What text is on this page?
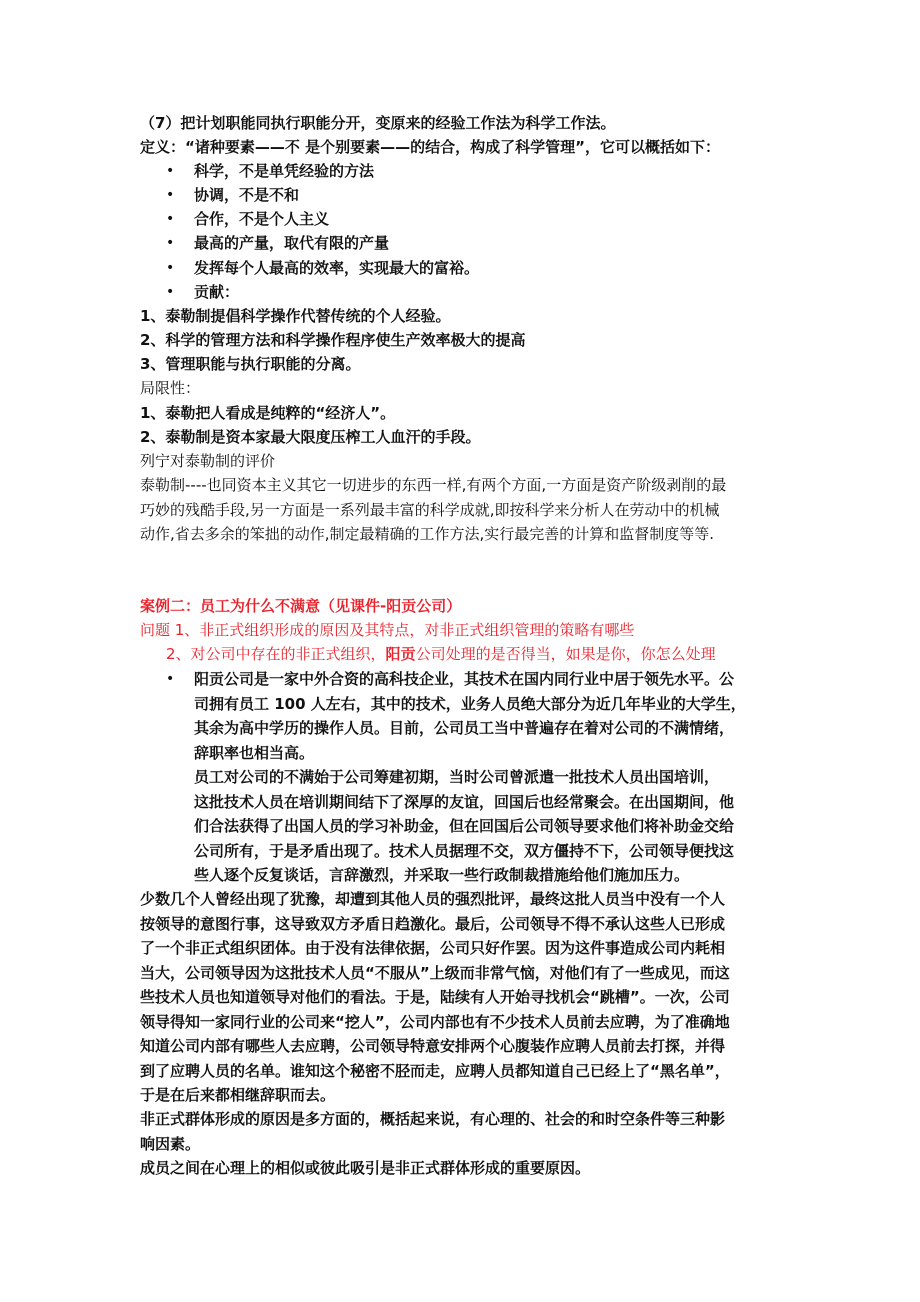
（7）把计划职能同执行职能分开，变原来的经验工作法为科学工作法。
定义：“诸种要素——不 是个别要素——的结合，构成了科学管理”，它可以概括如下：
• 科学，不是单凭经验的方法
• 协调，不是不和
• 合作，不是个人主义
• 最高的产量，取代有限的产量
• 发挥每个人最高的效率，实现最大的富裕。
• 贡献：
1、泰勒制提倡科学操作代替传统的个人经验。
2、科学的管理方法和科学操作程序使生产效率极大的提高
3、管理职能与执行职能的分离。
局限性：
1、泰勒把人看成是纯粹的“经济人”。
2、泰勒制是资本家最大限度压榨工人血汗的手段。
列宁对泰勒制的评价
泰勒制----也同资本主义其它一切进步的东西一样,有两个方面,一方面是资产阶级剥削的最
巧妙的残酷手段,另一方面是一系列最丰富的科学成就,即按科学来分析人在劳动中的机械
动作,省去多余的笨拙的动作,制定最精确的工作方法,实行最完善的计算和监督制度等等.
案例二：员工为什么不满意（见课件-阳贡公司）
问题 1、非正式组织形成的原因及其特点，对非正式组织管理的策略有哪些
2、对公司中存在的非正式组织，阳贡公司处理的是否得当，如果是你，你怎么处理
• 阳贡公司是一家中外合资的高科技企业，其技术在国内同行业中居于领先水平。公
司拥有员工 100 人左右，其中的技术，业务人员绝大部分为近几年毕业的大学生，
其余为高中学历的操作人员。目前，公司员工当中普遍存在着对公司的不满情绪，
辞职率也相当高。
员工对公司的不满始于公司筹建初期，当时公司曾派遣一批技术人员出国培训，
这批技术人员在培训期间结下了深厚的友谊，回国后也经常聚会。在出国期间，他
们合法获得了出国人员的学习补助金，但在回国后公司领导要求他们将补助金交给
公司所有，于是矛盾出现了。技术人员据理不交，双方僵持不下，公司领导便找这
些人逐个反复谈话，言辞激烈，并采取一些行政制裁措施给他们施加压力。
少数几个人曾经出现了犹豫，却遭到其他人员的强烈批评，最终这批人员当中没有一个人
按领导的意图行事，这导致双方矛盾日趋激化。最后，公司领导不得不承认这些人已形成
了一个非正式组织团体。由于没有法律依据，公司只好作罢。因为这件事造成公司内耗相
当大，公司领导因为这批技术人员“不服从”上级而非常气恼，对他们有了一些成见，而这
些技术人员也知道领导对他们的看法。于是，陆续有人开始寻找机会“跳槽”。一次，公司
领导得知一家同行业的公司来“挖人”，公司内部也有不少技术人员前去应聘，为了准确地
知道公司内部有哪些人去应聘，公司领导特意安排两个心腹装作应聘人员前去打探，并得
到了应聘人员的名单。谁知这个秘密不胫而走，应聘人员都知道自己已经上了“黑名单”，
于是在后来都相继辞职而去。
非正式群体形成的原因是多方面的，概括起来说，有心理的、社会的和时空条件等三种影
响因素。
成员之间在心理上的相似或彼此吸引是非正式群体形成的重要原因。
